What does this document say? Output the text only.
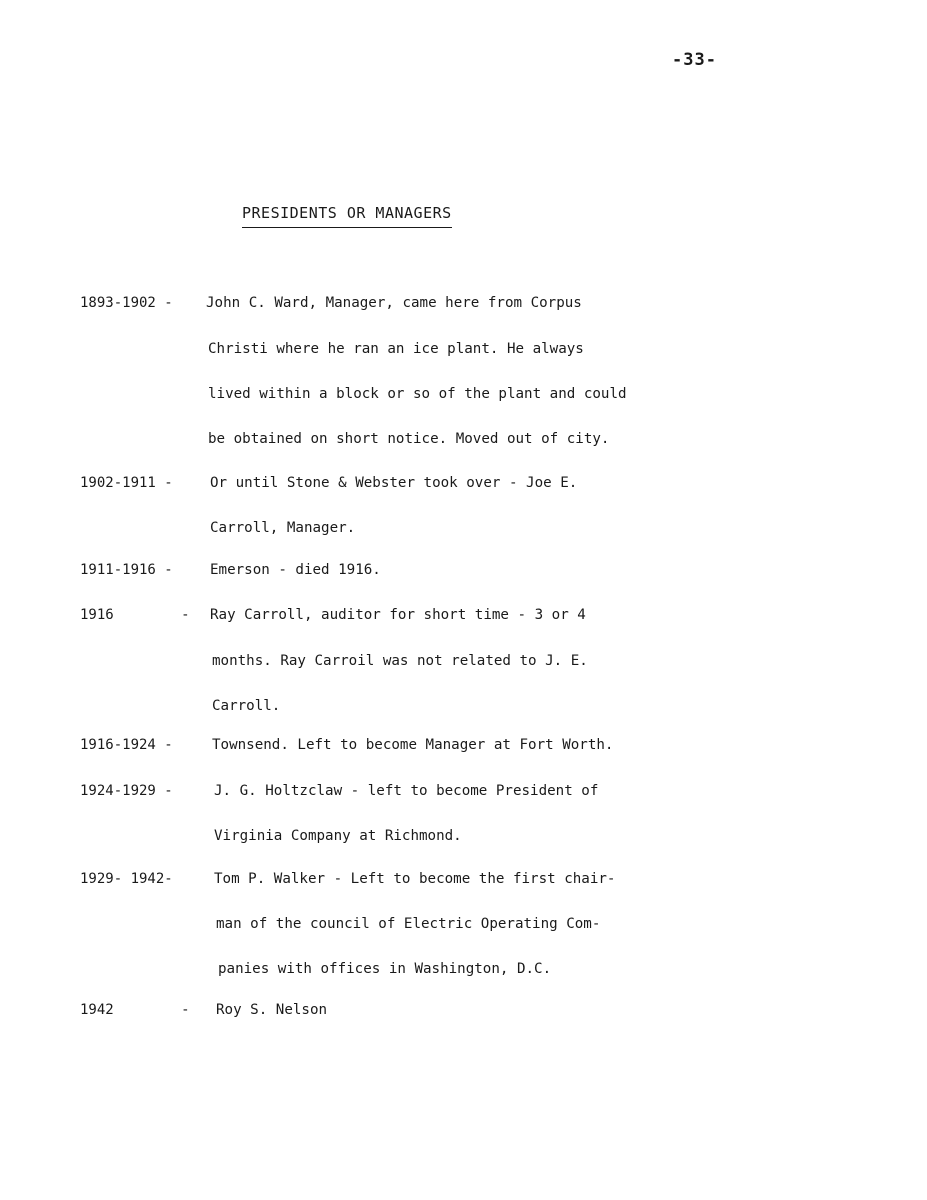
-33-
PRESIDENTS OR MANAGERS
1893-1902 - John C. Ward, Manager, came here from Corpus
Christi where he ran an ice plant. He always
lived within a block or so of the plant and could
be obtained on short notice. Moved out of city.
1902-1911 -	Or until Stone & Webster took over - Joe E.
Carroll, Manager.
1911-1916 -	Emerson - died 1916.
1916        - Ray Carroll, auditor for short time - 3 or 4
months. Ray Carroil was not related to J. E.
Carroll.
1916-1924 -	Townsend. Left to become Manager at Fort Worth.
1924-1929 -	J. G. Holtzclaw - left to become President of
Virginia Company at Richmond.
1929- 1942-	Tom P. Walker - Left to become the first chair-
man of the council of Electric Operating Com-
panies with offices in Washington, D.C.
1942        - Roy S. Nelson
